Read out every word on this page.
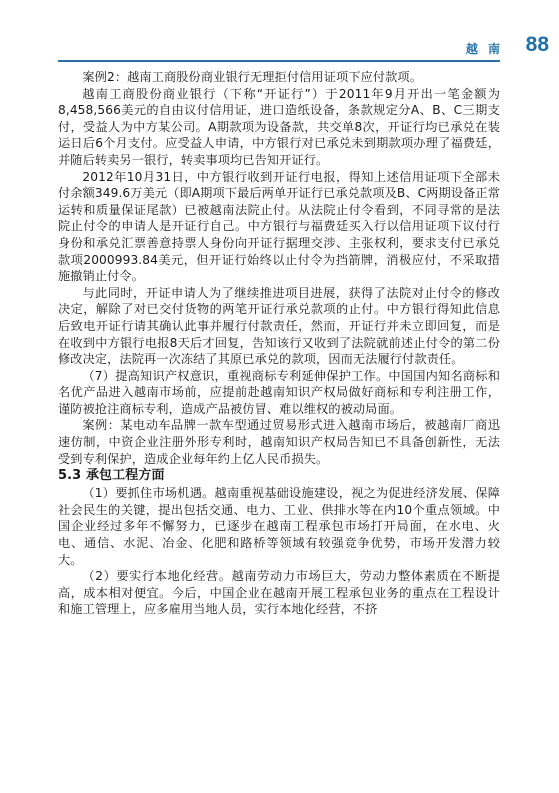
越 南 88

案例2：越南工商股份商业银行无理拒付信用证项下应付款项。

越南工商股份商业银行（下称“开证行”）于2011年9月开出一笔金额为8,458,566美元的自由议付信用证，进口造纸设备，条款规定分A、B、C三期支付，受益人为中方某公司。A期款项为设备款，共交单8次，开证行均已承兑在装运日后6个月支付。应受益人申请，中方银行对已承兑未到期款项办理了福费廷，并随后转卖另一银行，转卖事项均已告知开证行。

2012年10月31日，中方银行收到开证行电报，得知上述信用证项下全部未付余额349.6万美元（即A期项下最后两单开证行已承兑款项及B、C两期设备正常运转和质量保证尾款）已被越南法院止付。从法院止付令看到，不同寻常的是法院止付令的申请人是开证行自己。中方银行与福费廷买入行以信用证项下议付行身份和承兑汇票善意持票人身份向开证行据理交涉、主张权利，要求支付已承兑款项2000993.84美元，但开证行始终以止付令为挡箭牌，消极应付，不采取措施撤销止付令。

与此同时，开证申请人为了继续推进项目进展，获得了法院对止付令的修改决定，解除了对已交付货物的两笔开证行承兑款项的止付。中方银行得知此信息后致电开证行请其确认此事并履行付款责任，然而，开证行并未立即回复，而是在收到中方银行电报8天后才回复，告知该行又收到了法院就前述止付令的第二份修改决定，法院再一次冻结了其原已承兑的款项，因而无法履行付款责任。

（7）提高知识产权意识，重视商标专利延伸保护工作。中国国内知名商标和名优产品进入越南市场前，应提前赴越南知识产权局做好商标和专利注册工作，谨防被抢注商标专利，造成产品被仿冒、难以维权的被动局面。

案例：某电动车品牌一款车型通过贸易形式进入越南市场后，被越南厂商迅速仿制，中资企业注册外形专利时，越南知识产权局告知已不具备创新性，无法受到专利保护，造成企业每年约上亿人民币损失。

5.3 承包工程方面

（1）要抓住市场机遇。越南重视基础设施建设，视之为促进经济发展、保障社会民生的关键，提出包括交通、电力、工业、供排水等在内10个重点领域。中国企业经过多年不懈努力，已逐步在越南工程承包市场打开局面，在水电、火电、通信、水泥、冶金、化肥和路桥等领域有较强竞争优势，市场开发潜力较大。

（2）要实行本地化经营。越南劳动力市场巨大，劳动力整体素质在不断提高，成本相对便宜。今后，中国企业在越南开展工程承包业务的重点在工程设计和施工管理上，应多雇用当地人员，实行本地化经营，不挤
